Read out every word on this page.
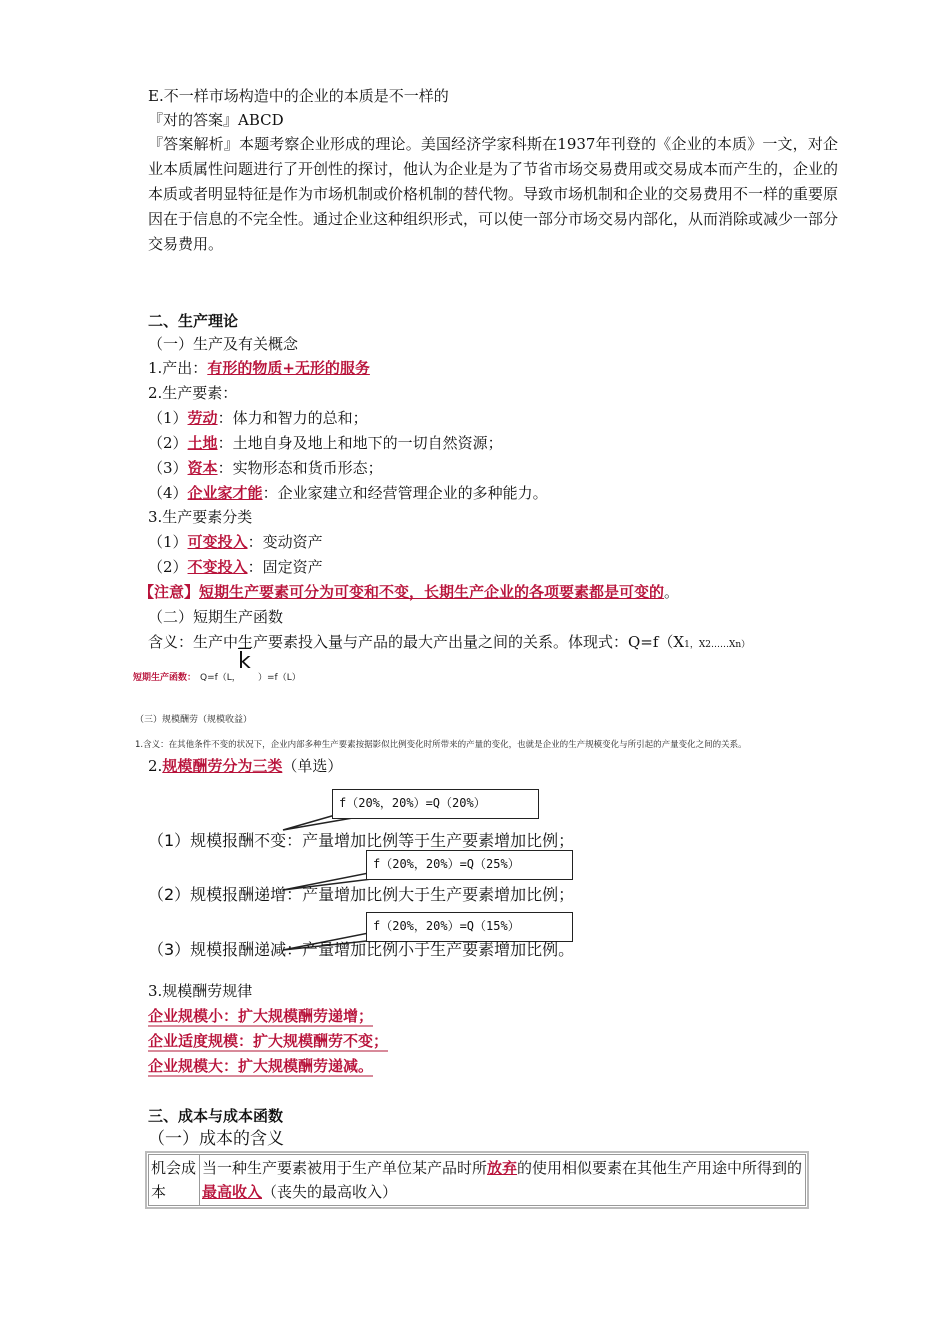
E.不一样市场构造中的企业的本质是不一样的
『对的答案』ABCD
『答案解析』本题考察企业形成的理论。美国经济学家科斯在1937年刊登的《企业的本质》一文，对企业本质属性问题进行了开创性的探讨，他认为企业是为了节省市场交易费用或交易成本而产生的，企业的本质或者明显特征是作为市场机制或价格机制的替代物。导致市场机制和企业的交易费用不一样的重要原因在于信息的不完全性。通过企业这种组织形式，可以使一部分市场交易内部化，从而消除或减少一部分交易费用。
二、生产理论
（一）生产及有关概念
1.产出：有形的物质+无形的服务
2.生产要素：
（1）劳动：体力和智力的总和；
（2）土地：土地自身及地上和地下的一切自然资源；
（3）资本：实物形态和货币形态；
（4）企业家才能：企业家建立和经营管理企业的多种能力。
3.生产要素分类
（1）可变投入：变动资产
（2）不变投入：固定资产
【注意】短期生产要素可分为可变和不变，长期生产企业的各项要素都是可变的。
（二）短期生产函数
含义：生产中生产要素投入量与产品的最大产出量之间的关系。体现式：Q=f（X1，X2……Xn）
短期生产函数： Q=f（L，
k
）=f（L）
（三）规模酬劳（规模收益）
1.含义：在其他条件不变的状况下，企业内部多种生产要素按据影似比例变化时所带来的产量的变化，也就是企业的生产规模变化与所引起的产量变化之间的关系。
2.规模酬劳分为三类（单选）
f（20%，20%）=Q（20%）
f（20%，20%）=Q（25%）
f（20%，20%）=Q（15%）
（1）规模报酬不变：产量增加比例等于生产要素增加比例；
（2）规模报酬递增：产量增加比例大于生产要素增加比例；
（3）规模报酬递减：产量增加比例小于生产要素增加比例。
3.规模酬劳规律
企业规模小：扩大规模酬劳递增；
企业适度规模：扩大规模酬劳不变；
企业规模大：扩大规模酬劳递减。
三、成本与成本函数
（一）成本的含义
机会成本	当一种生产要素被用于生产单位某产品时所放弃的使用相似要素在其他生产用途中所得到的最高收入（丧失的最高收入）
